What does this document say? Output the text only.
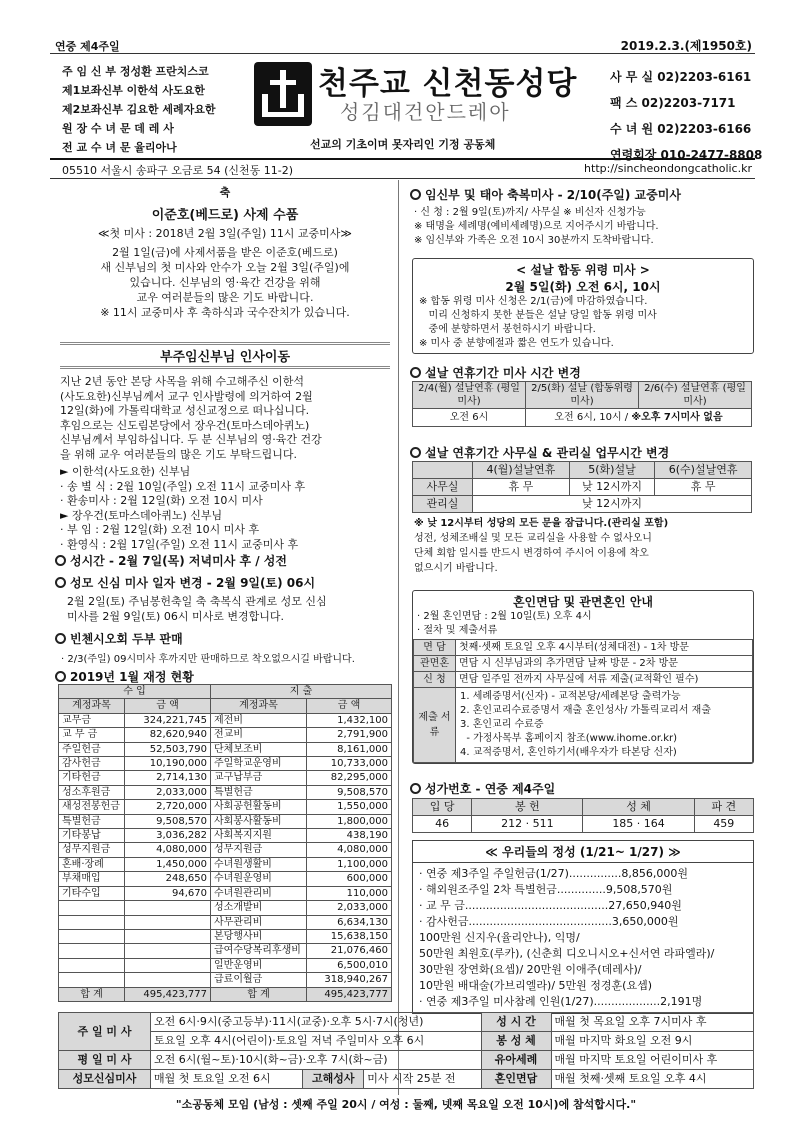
연중 제4주일	2019.2.3.(제1950호)
주 임 신 부 정성환 프란치스코
제1보좌신부 이한석 사도요한
제2보좌신부 김요한 세례자요한
원 장 수 녀 문 데 레 사
전 교 수 녀 문 율리아나
천주교 신천동성당
성김대건안드레아
선교의 기초이며 못자리인 기정 공동체
사 무 실 02)2203-6161
팩 스 02)2203-7171
수 녀 원 02)2203-6166
연령회장 010-2477-8808
05510 서울시 송파구 오금로 54 (신천동 11-2)	http://sincheondongcatholic.kr
축
이준호(베드로) 사제 수품
≪첫 미사 : 2018년 2월 3일(주일) 11시 교중미사≫
2월 1일(금)에 사제서품을 받은 이준호(베드로)
새 신부님의 첫 미사와 안수가 오늘 2월 3일(주일)에
있습니다. 신부님의 영·육간 건강을 위해
교우 여러분들의 많은 기도 바랍니다.
※ 11시 교중미사 후 축하식과 국수잔치가 있습니다.
부주임신부님 인사이동
지난 2년 동안 본당 사목을 위해 수고해주신 이한석
(사도요한)신부님께서 교구 인사발령에 의거하여 2월
12일(화)에 가톨릭대학교 성신교정으로 떠나십니다.
후임으로는 신도림본당에서 장우건(토마스데아퀴노)
신부님께서 부임하십니다. 두 분 신부님의 영·육간 건강
을 위해 교우 여러분들의 많은 기도 부탁드립니다.
► 이한석(사도요한) 신부님
· 송 별 식 : 2월 10일(주일) 오전 11시 교중미사 후
· 환송미사 : 2월 12일(화) 오전 10시 미사
► 장우건(토마스데아퀴노) 신부님
· 부 임 : 2월 12일(화) 오전 10시 미사 후
· 환영식 : 2월 17일(주일) 오전 11시 교중미사 후
성시간 - 2월 7일(목) 저녁미사 후 / 성전
성모 신심 미사 일자 변경 - 2월 9일(토) 06시
2월 2일(토) 주님봉헌축일 축 축복식 관계로 성모 신심
미사를 2월 9일(토) 06시 미사로 변경합니다.
빈첸시오회 두부 판매
· 2/3(주일) 09시미사 후까지만 판매하므로 착오없으시길 바랍니다.
2019년 1월 재정 현황
수 입		지 출	
계정과목	금 액	계정과목	금 액
교무금	324,221,745	제전비	1,432,100
교 무 금	82,620,940	전교비	2,791,900
주일헌금	52,503,790	단체보조비	8,161,000
감사헌금	10,190,000	주일학교운영비	10,733,000
기타헌금	2,714,130	교구납부금	82,295,000
성소후원금	2,033,000	특별헌금	9,508,570
새성전봉헌금	2,720,000	사회공헌활동비	1,550,000
특별헌금	9,508,570	사회봉사활동비	1,800,000
기타봉납	3,036,282	사회복지지원	438,190
성무지원금	4,080,000	성무지원금	4,080,000
혼배·장례	1,450,000	수녀원생활비	1,100,000
부채매입	248,650	수녀원운영비	600,000
기타수입	94,670	수녀원관리비	110,000
		성소개발비	2,033,000
		사무관리비	6,634,130
		본당행사비	15,638,150
		급여수당복리후생비	21,076,460
		일반운영비	6,500,010
		급료이월금	318,940,267
합 계	495,423,777	합 계	495,423,777
임신부 및 태아 축복미사 - 2/10(주일) 교중미사
· 신 청 : 2월 9일(토)까지/ 사무실 ※ 비신자 신청가능
※ 태명을 세례명(예비세례명)으로 지어주시기 바랍니다.
※ 임신부와 가족은 오전 10시 30분까지 도착바랍니다.
< 설날 합동 위령 미사 >
2월 5일(화) 오전 6시, 10시
※ 합동 위령 미사 신청은 2/1(금)에 마감하였습니다.
미리 신청하지 못한 분들은 설날 당일 합동 위령 미사
중에 분향하면서 봉헌하시기 바랍니다.
※ 미사 중 분향예절과 짧은 연도가 있습니다.
설날 연휴기간 미사 시간 변경
2/4(월) 설날연휴 (평일미사)	2/5(화) 설날 (합동위령미사)	2/6(수) 설날연휴 (평일미사)
오전 6시	오전 6시, 10시 / ※오후 7시미사 없음	
설날 연휴기간 사무실 & 관리실 업무시간 변경
	4(월)설날연휴	5(화)설날	6(수)설날연휴
사무실	휴 무	낮 12시까지	휴 무
관리실	낮 12시까지		
※ 낮 12시부터 성당의 모든 문을 잠급니다.(관리실 포함)
성전, 성체조배실 및 모든 교리실을 사용할 수 없사오니
단체 회합 일시를 반드시 변경하여 주시어 이용에 착오
없으시기 바랍니다.
혼인면담 및 관면혼인 안내
· 2월 혼인면담 : 2월 10일(토) 오후 4시
· 절차 및 제출서류
면 담	첫째·셋째 토요일 오후 4시부터(성체대전) - 1차 방문
관면혼	면담 시 신부님과의 추가면담 날짜 방문 - 2차 방문
신 청	면담 일주일 전까지 사무실에 서류 제출(교적확인 필수)
제출 서류	1. 세례증명서(신자) - 교적본당/세례본당 출력가능
2. 혼인교리수료증명서 재출 혼인성사/ 가톨릭교리서 재출
3. 혼인교리 수료증
- 가정사목부 홈페이지 참조(www.ihome.or.kr)
4. 교적증명서, 혼인하기서(배우자가 타본당 신자)
성가번호 - 연중 제4주일
입 당	봉 헌	성 체	파 견
46	212 · 511	185 · 164	459
≪ 우리들의 정성 (1/21~ 1/27) ≫
· 연중 제3주일 주일헌금(1/27)...............8,856,000원
· 해외원조주일 2차 특별헌금..............9,508,570원
· 교 무 금.........................................27,650,940원
· 감사헌금.........................................3,650,000원
100만원 신지우(율리안나), 익명/
50만원 최원호(루카), (신춘희 디오니시오+신서연 라파엘라)/
30만원 장연화(요셉)/ 20만원 이애주(데레사)/
10만원 배대술(가브리엘라)/ 5만원 정경훈(요셉)
· 연중 제3주일 미사참례 인원(1/27)...................2,191명
주 일 미 사	오전 6시·9시(중고등부)·11시(교중)·오후 5시·7시(청년)			성 시 간	매월 첫 목요일 오후 7시미사 후
	토요일 오후 4시(어린이)·토요일 저녁 주일미사 오후 6시			봉 성 체	매월 마지막 화요일 오전 9시
평 일 미 사	오전 6시(월~토)·10시(화~금)·오후 7시(화~금)			유아세례	매월 마지막 토요일 어린이미사 후
성모신심미사	매월 첫 토요일 오전 6시	고해성사	미사 시작 25분 전	혼인면담	매월 첫째·셋째 토요일 오후 4시
"소공동체 모임 (남성 : 셋째 주일 20시 / 여성 : 둘째, 넷째 목요일 오전 10시)에 참석합시다."
